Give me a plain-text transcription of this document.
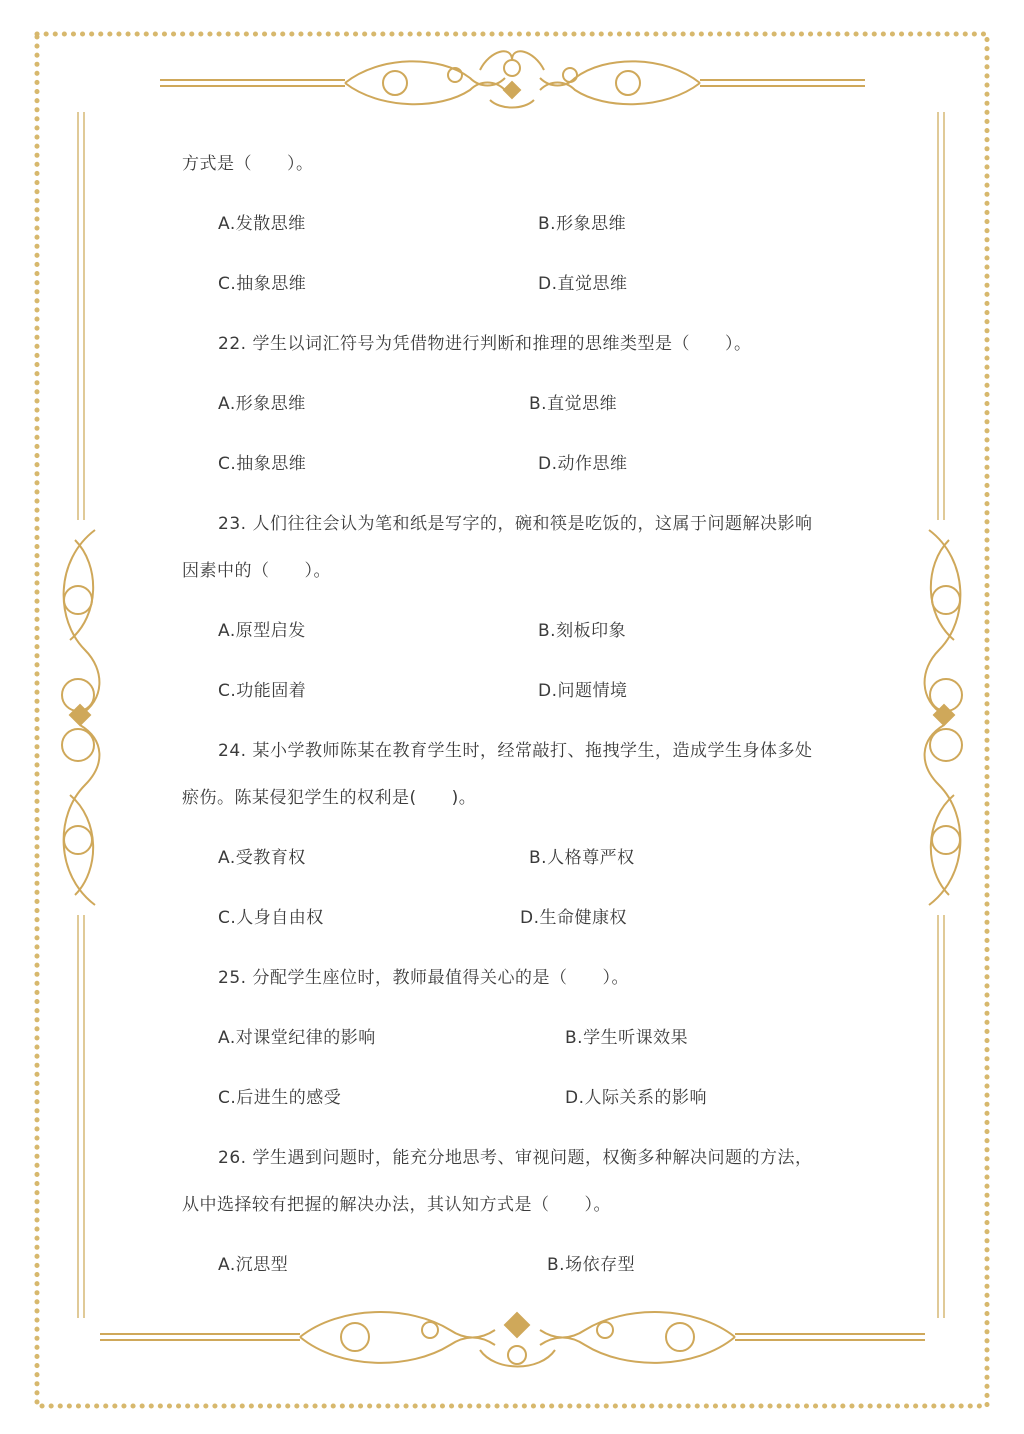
方式是（　　）。
A.发散思维	B.形象思维
C.抽象思维	D.直觉思维
22. 学生以词汇符号为凭借物进行判断和推理的思维类型是（　　）。
A.形象思维	B.直觉思维
C.抽象思维	D.动作思维
23. 人们往往会认为笔和纸是写字的，碗和筷是吃饭的，这属于问题解决影响
因素中的（　　）。
A.原型启发	B.刻板印象
C.功能固着	D.问题情境
24. 某小学教师陈某在教育学生时，经常敲打、拖拽学生，造成学生身体多处
瘀伤。陈某侵犯学生的权利是(　　)。
A.受教育权	B.人格尊严权
C.人身自由权	D.生命健康权
25. 分配学生座位时，教师最值得关心的是（　　）。
A.对课堂纪律的影响	B.学生听课效果
C.后进生的感受	D.人际关系的影响
26. 学生遇到问题时，能充分地思考、审视问题，权衡多种解决问题的方法，
从中选择较有把握的解决办法，其认知方式是（　　）。
A.沉思型	B.场依存型
